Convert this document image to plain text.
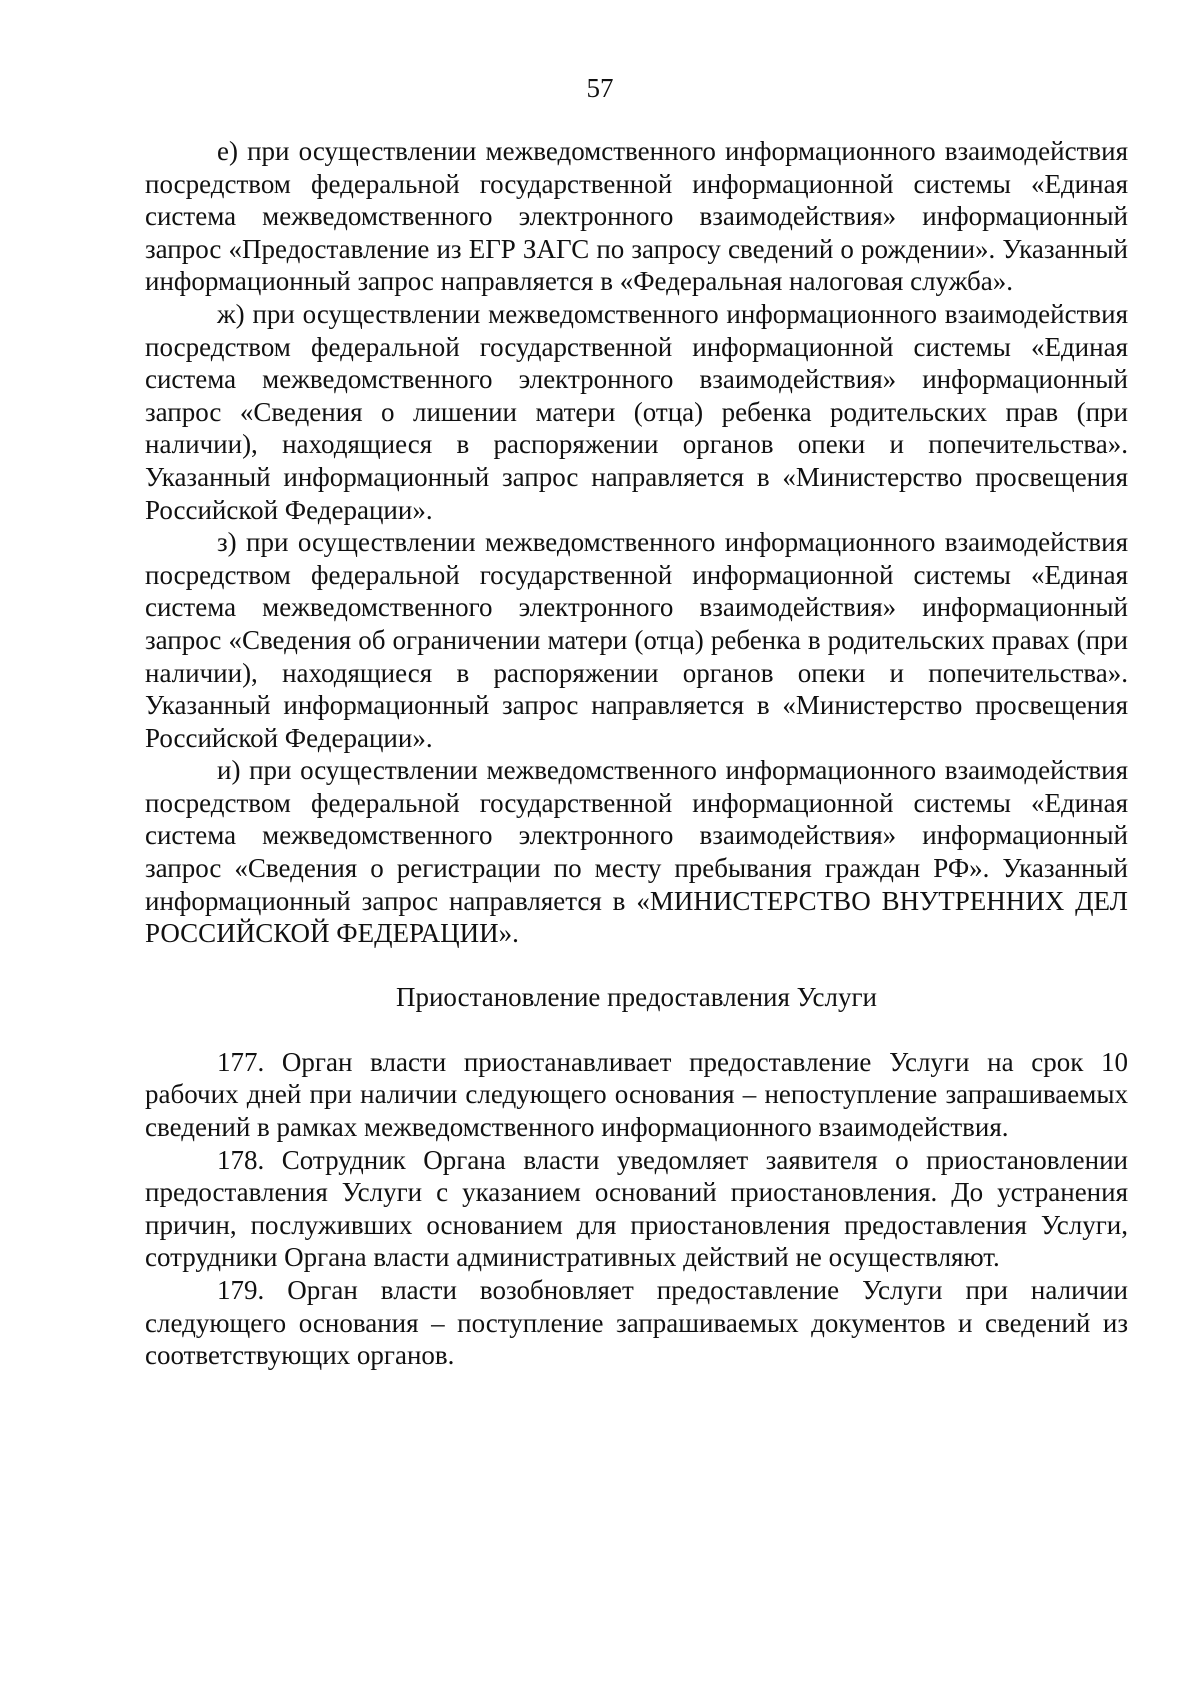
57

е) при осуществлении межведомственного информационного взаимодействия посредством федеральной государственной информационной системы «Единая система межведомственного электронного взаимодействия» информационный запрос «Предоставление из ЕГР ЗАГС по запросу сведений о рождении». Указанный информационный запрос направляется в «Федеральная налоговая служба».

ж) при осуществлении межведомственного информационного взаимодействия посредством федеральной государственной информационной системы «Единая система межведомственного электронного взаимодействия» информационный запрос «Сведения о лишении матери (отца) ребенка родительских прав (при наличии), находящиеся в распоряжении органов опеки и попечительства». Указанный информационный запрос направляется в «Министерство просвещения Российской Федерации».

з) при осуществлении межведомственного информационного взаимодействия посредством федеральной государственной информационной системы «Единая система межведомственного электронного взаимодействия» информационный запрос «Сведения об ограничении матери (отца) ребенка в родительских правах (при наличии), находящиеся в распоряжении органов опеки и попечительства». Указанный информационный запрос направляется в «Министерство просвещения Российской Федерации».

и) при осуществлении межведомственного информационного взаимодействия посредством федеральной государственной информационной системы «Единая система межведомственного электронного взаимодействия» информационный запрос «Сведения о регистрации по месту пребывания граждан РФ». Указанный информационный запрос направляется в «МИНИСТЕРСТВО ВНУТРЕННИХ ДЕЛ РОССИЙСКОЙ ФЕДЕРАЦИИ».

Приостановление предоставления Услуги

177. Орган власти приостанавливает предоставление Услуги на срок 10 рабочих дней при наличии следующего основания – непоступление запрашиваемых сведений в рамках межведомственного информационного взаимодействия.

178. Сотрудник Органа власти уведомляет заявителя о приостановлении предоставления Услуги с указанием оснований приостановления. До устранения причин, послуживших основанием для приостановления предоставления Услуги, сотрудники Органа власти административных действий не осуществляют.

179. Орган власти возобновляет предоставление Услуги при наличии следующего основания – поступление запрашиваемых документов и сведений из соответствующих органов.
